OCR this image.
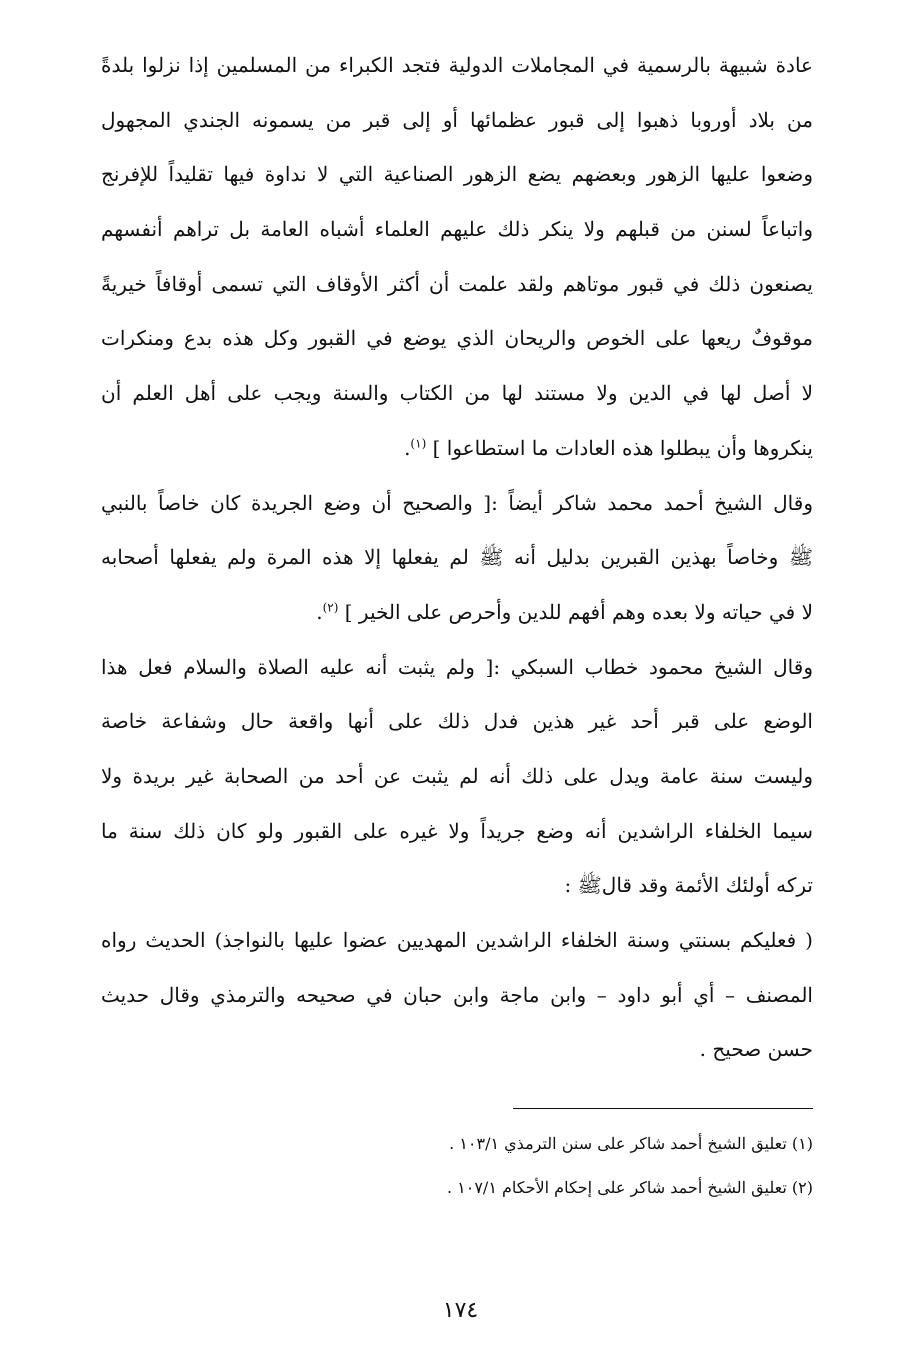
عادة شبيهة بالرسمية في المجاملات الدولية فتجد الكبراء من المسلمين إذا نزلوا بلدةً
من بلاد أوروبا ذهبوا إلى قبور عظمائها أو إلى قبر من يسمونه الجندي المجهول
وضعوا عليها الزهور وبعضهم يضع الزهور الصناعية التي لا نداوة فيها تقليداً للإفرنج
واتباعاً لسنن من قبلهم ولا ينكر ذلك عليهم العلماء أشباه العامة بل تراهم أنفسهم
يصنعون ذلك في قبور موتاهم ولقد علمت أن أكثر الأوقاف التي تسمى أوقافاً خيريةً
موقوفٌ ريعها على الخوص والريحان الذي يوضع في القبور وكل هذه بدع ومنكرات
لا أصل لها في الدين ولا مستند لها من الكتاب والسنة ويجب على أهل العلم أن
ينكروها وأن يبطلوا هذه العادات ما استطاعوا ] $^{(١)}$.
وقال الشيخ أحمد محمد شاكر أيضاً :[ والصحيح أن وضع الجريدة كان خاصاً بالنبي
ﷺ وخاصاً بهذين القبرين بدليل أنه ﷺ لم يفعلها إلا هذه المرة ولم يفعلها أصحابه
لا في حياته ولا بعده وهم أفهم للدين وأحرص على الخير ] $^{(٢)}$.
وقال الشيخ محمود خطاب السبكي :[ ولم يثبت أنه عليه الصلاة والسلام فعل هذا
الوضع على قبر أحد غير هذين فدل ذلك على أنها واقعة حال وشفاعة خاصة
وليست سنة عامة ويدل على ذلك أنه لم يثبت عن أحد من الصحابة غير بريدة ولا
سيما الخلفاء الراشدين أنه وضع جريداً ولا غيره على القبور ولو كان ذلك سنة ما
تركه أولئك الأئمة وقد قالﷺ :
( فعليكم بسنتي وسنة الخلفاء الراشدين المهديين عضوا عليها بالنواجذ) الحديث رواه
المصنف – أي أبو داود – وابن ماجة وابن حبان في صحيحه والترمذي وقال حديث
حسن صحيح .
(١) تعليق الشيخ أحمد شاكر على سنن الترمذي ١٠٣/١ .
(٢) تعليق الشيخ أحمد شاكر على إحكام الأحكام ١٠٧/١ .
١٧٤
